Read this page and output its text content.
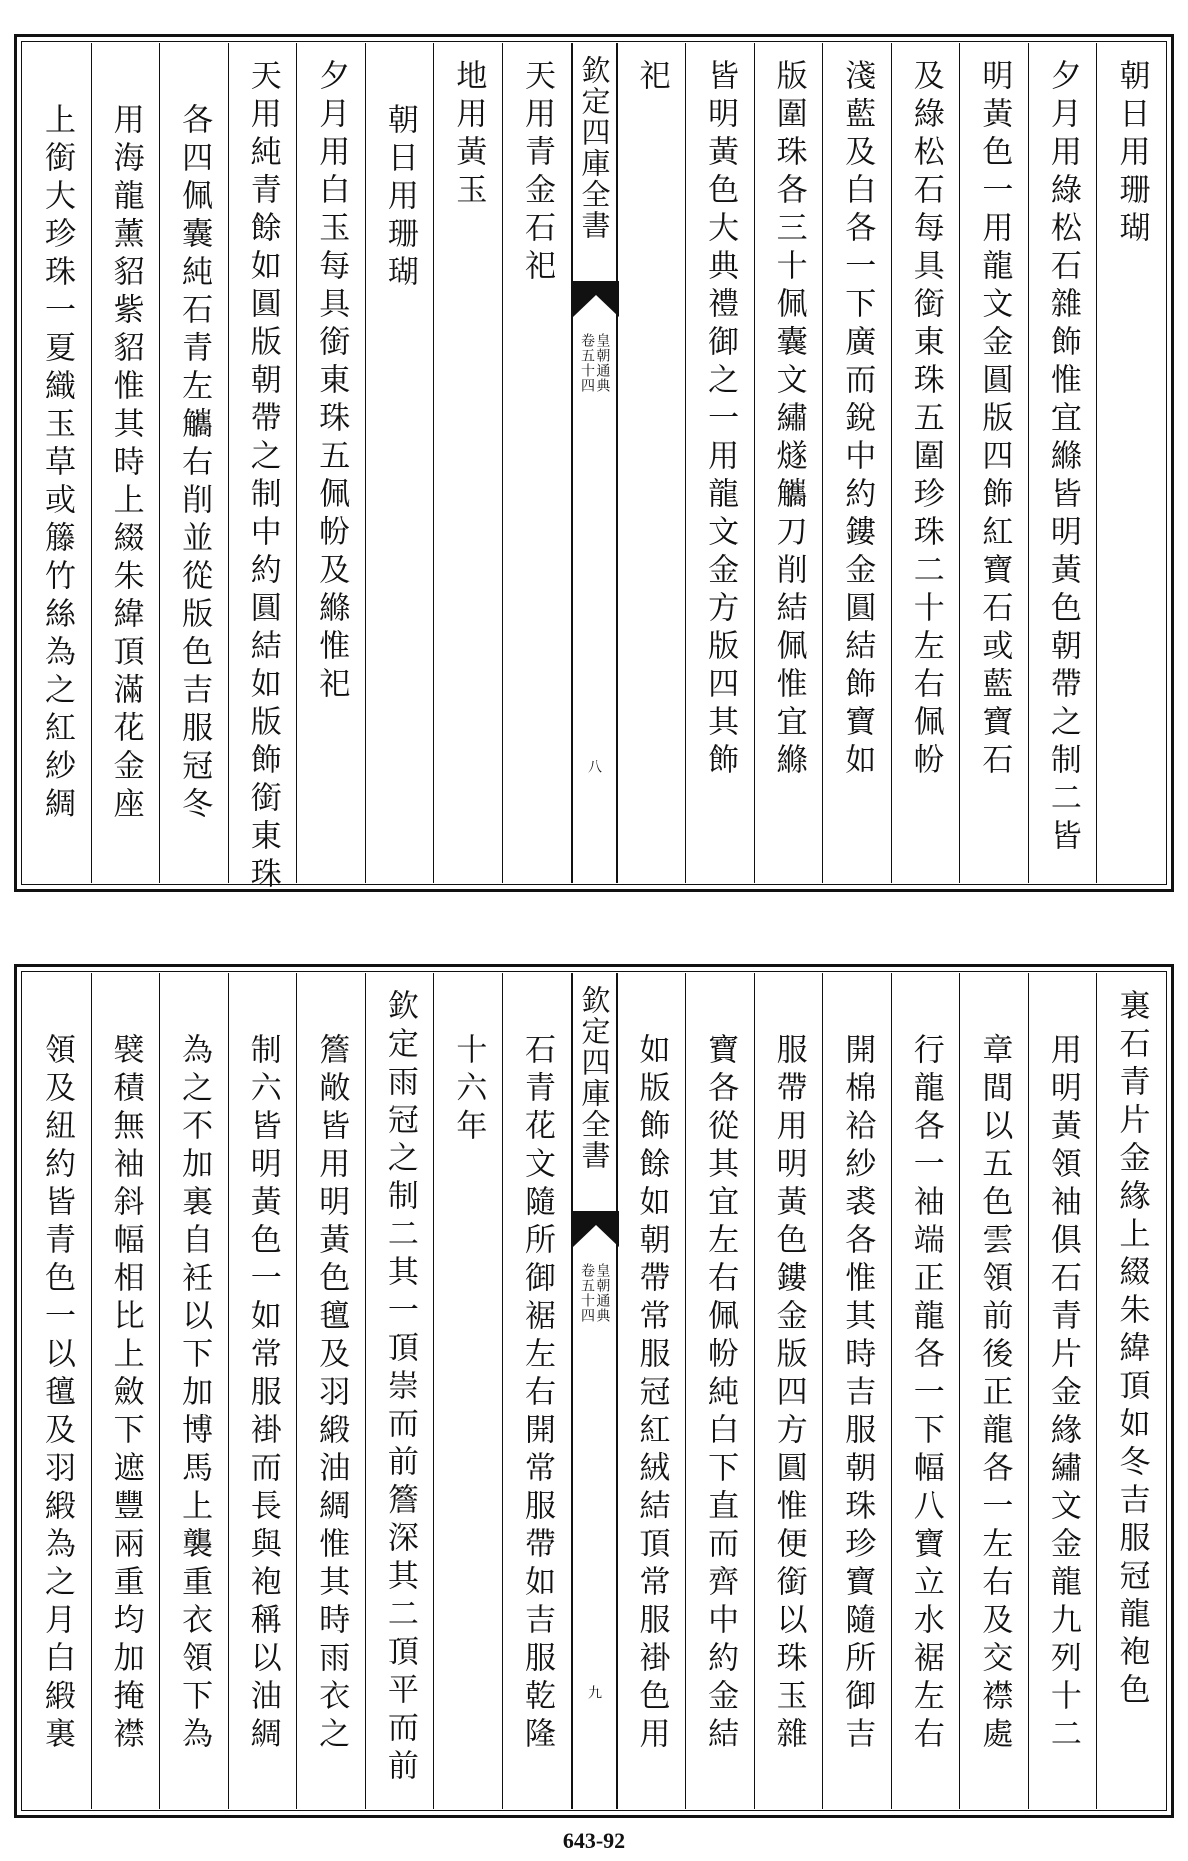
朝日用珊瑚
夕月用綠松石雜飾惟宜縧皆明黃色朝帶之制二皆
明黃色一用龍文金圓版四飾紅寶石或藍寶石
及綠松石每具銜東珠五圍珍珠二十左右佩帉
淺藍及白各一下廣而銳中約鏤金圓結飾寶如
版圍珠各三十佩囊文繡燧觿刀削結佩惟宜縧
皆明黃色大典禮御之一用龍文金方版四其飾
祀
欽定四庫全書
皇朝通典
卷五十四
八
天用青金石祀
地用黃玉
朝日用珊瑚
夕月用白玉每具銜東珠五佩帉及縧惟祀
天用純青餘如圓版朝帶之制中約圓結如版飾銜東珠
各四佩囊純石青左觿右削並從版色吉服冠冬
用海龍薰貂紫貂惟其時上綴朱緯頂滿花金座
上銜大珍珠一夏織玉草或籐竹絲為之紅紗綢
裏石青片金緣上綴朱緯頂如冬吉服冠龍袍色
用明黃領袖俱石青片金緣繡文金龍九列十二
章間以五色雲領前後正龍各一左右及交襟處
行龍各一袖端正龍各一下幅八寶立水裾左右
開棉袷紗裘各惟其時吉服朝珠珍寶隨所御吉
服帶用明黃色鏤金版四方圓惟便銜以珠玉雜
寶各從其宜左右佩帉純白下直而齊中約金結
如版飾餘如朝帶常服冠紅絨結頂常服褂色用
欽定四庫全書
皇朝通典
卷五十四
九
石青花文隨所御裾左右開常服帶如吉服乾隆
十六年
欽定雨冠之制二其一頂崇而前簷深其二頂平而前
簷敞皆用明黃色氊及羽緞油綢惟其時雨衣之
制六皆明黃色一如常服褂而長與袍稱以油綢
為之不加裏自衽以下加博馬上襲重衣領下為
襞積無袖斜幅相比上斂下遮豐兩重均加掩襟
領及紐約皆青色一以氊及羽緞為之月白緞裏
643-92
